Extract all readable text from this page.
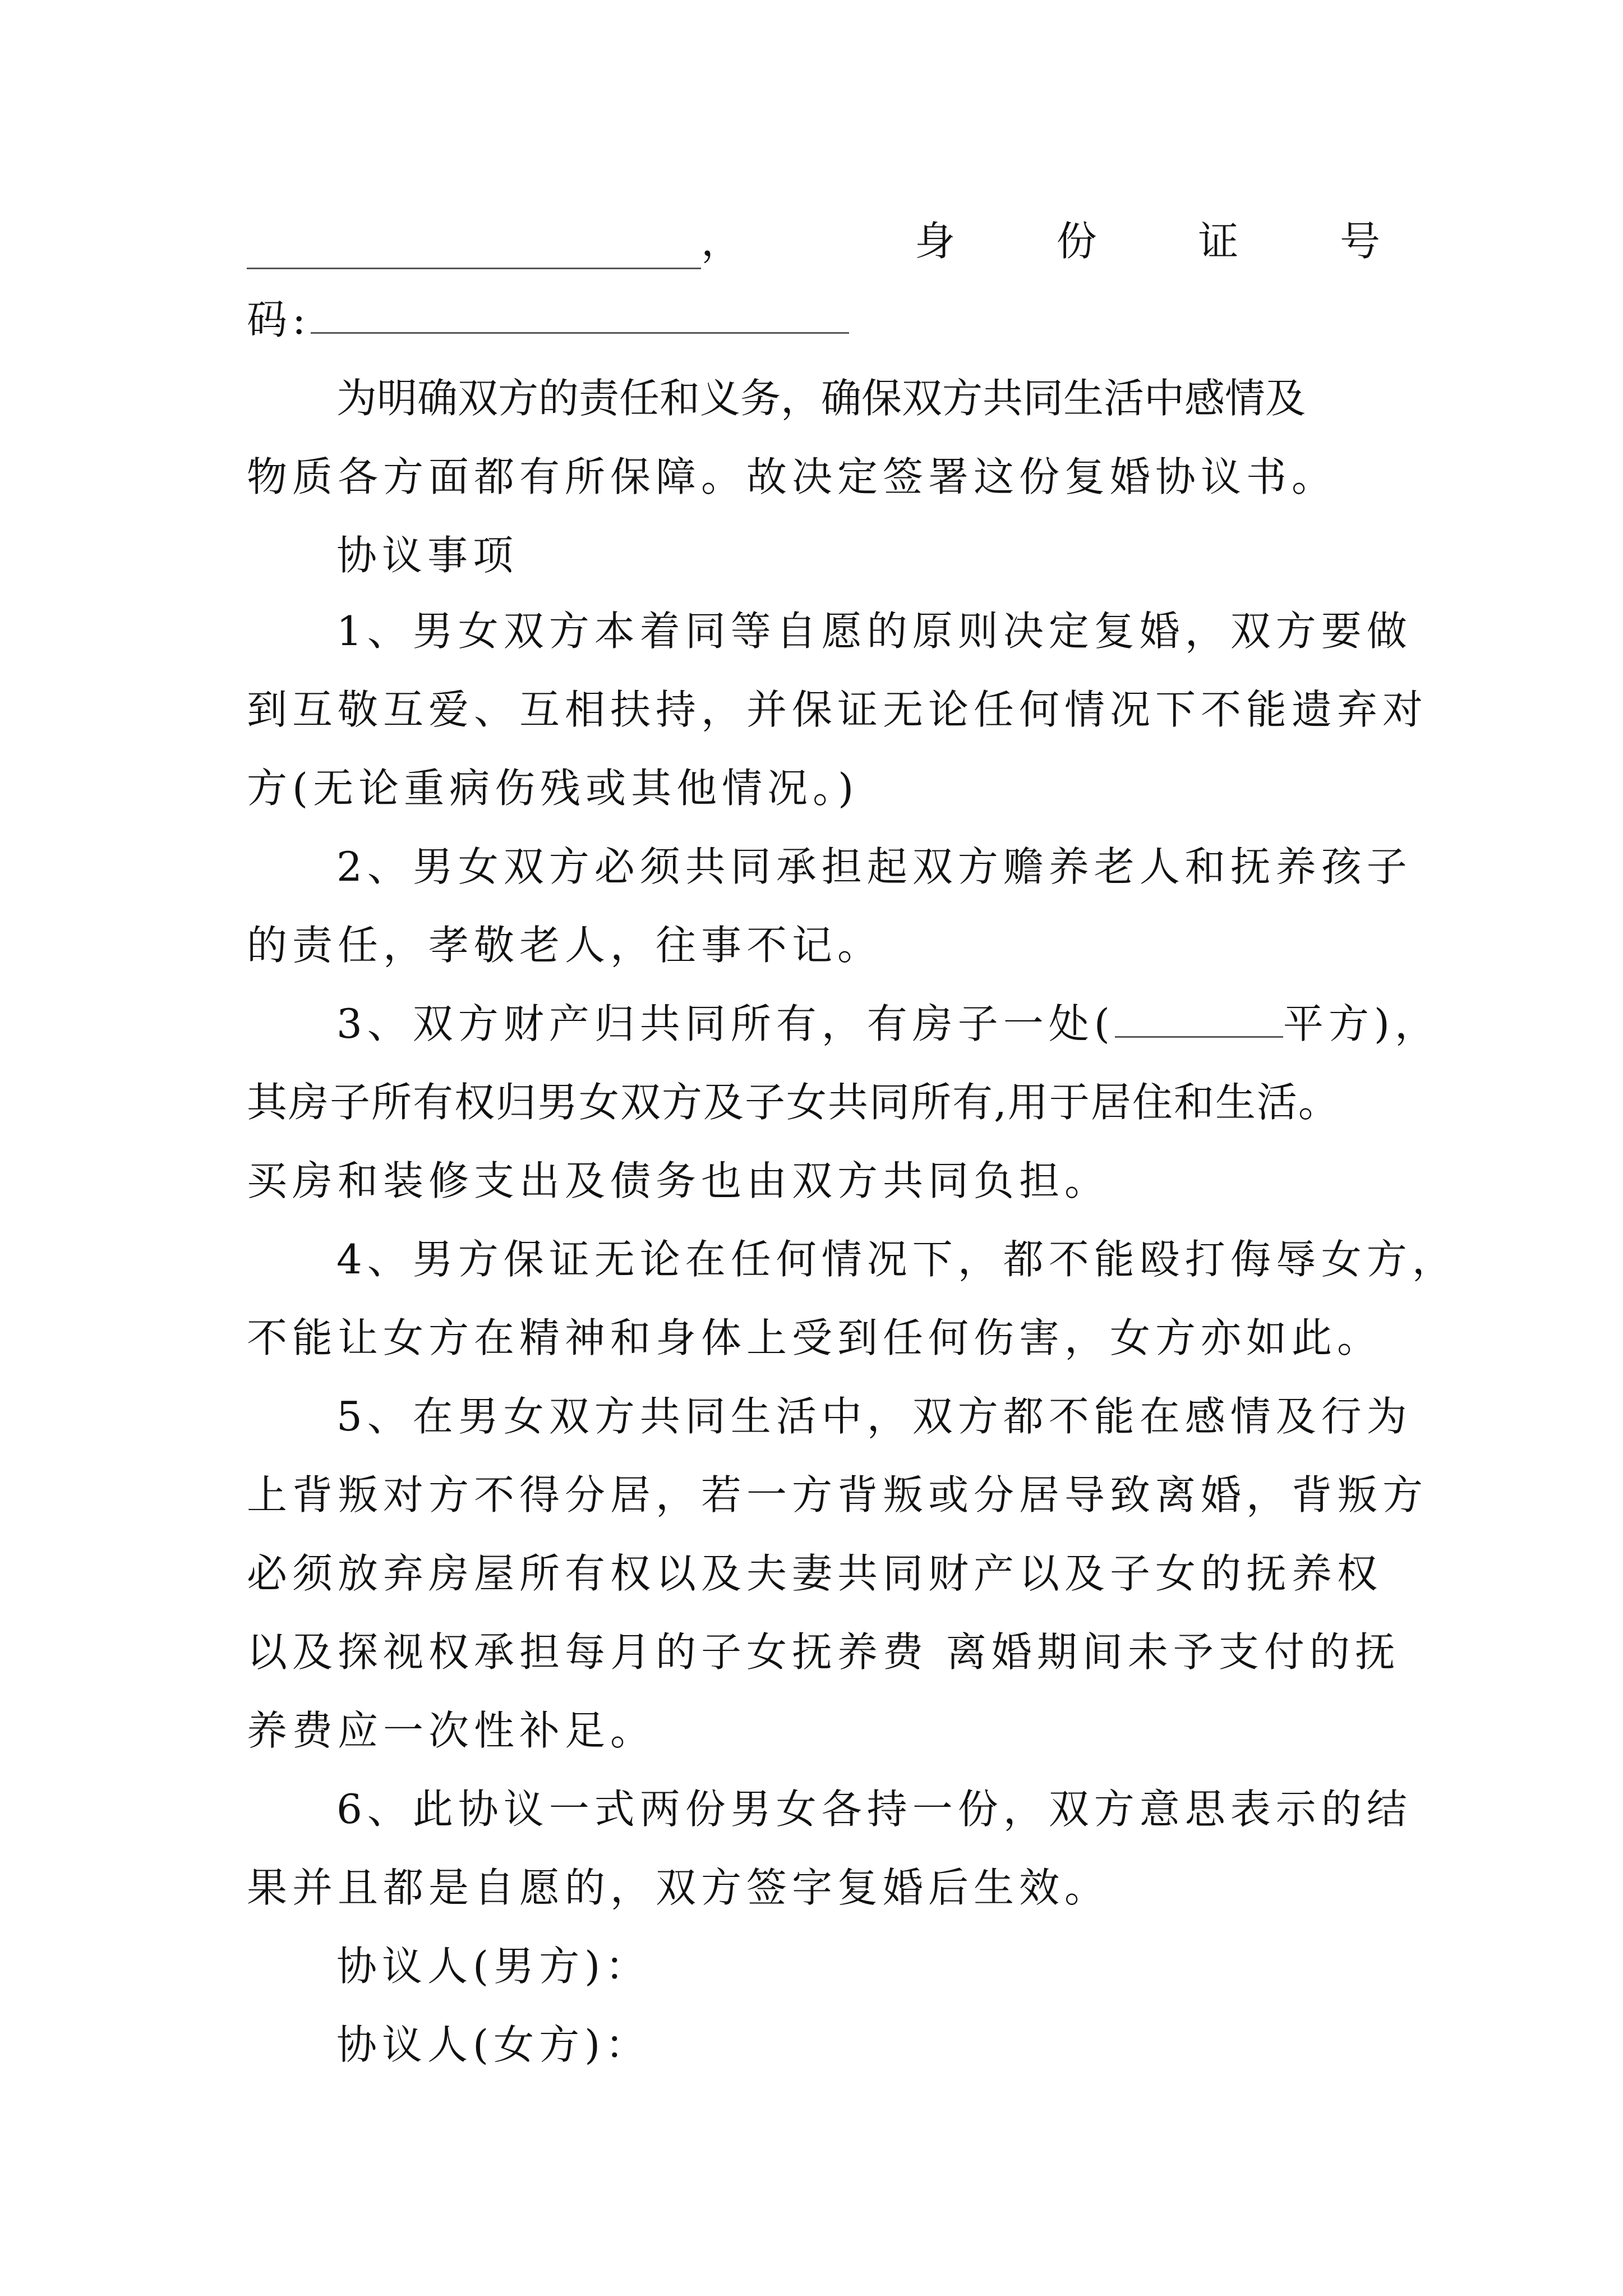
，	身 份 证 号
码:
为明确双方的责任和义务，确保双方共同生活中感情及
物质各方面都有所保障。故决定签署这份复婚协议书。
协议事项
1、男女双方本着同等自愿的原则决定复婚，双方要做
到互敬互爱、互相扶持，并保证无论任何情况下不能遗弃对
方(无论重病伤残或其他情况。)
2、男女双方必须共同承担起双方赡养老人和抚养孩子
的责任，孝敬老人，往事不记。
3、双方财产归共同所有，有房子一处(	平方)，
其房子所有权归男女双方及子女共同所有,用于居住和生活。
买房和装修支出及债务也由双方共同负担。
4、男方保证无论在任何情况下，都不能殴打侮辱女方，
不能让女方在精神和身体上受到任何伤害，女方亦如此。
5、在男女双方共同生活中，双方都不能在感情及行为
上背叛对方不得分居，若一方背叛或分居导致离婚，背叛方
必须放弃房屋所有权以及夫妻共同财产以及子女的抚养权
以及探视权承担每月的子女抚养费 离婚期间未予支付的抚
养费应一次性补足。
6、此协议一式两份男女各持一份，双方意思表示的结
果并且都是自愿的，双方签字复婚后生效。
协议人(男方)：
协议人(女方)：
